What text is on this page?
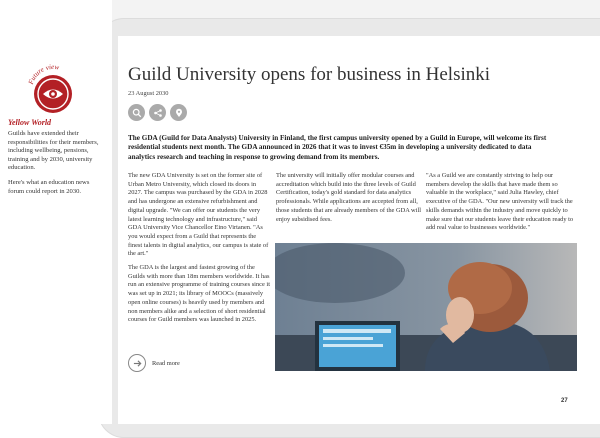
Future view
Yellow World

Guilds have extended their responsibilities for their members, including wellbeing, pensions, training and by 2030, university education.

Here's what an education news forum could report in 2030.

Guild University opens for business in Helsinki
23 August 2030
The GDA (Guild for Data Analysts) University in Finland, the first campus university opened by a Guild in Europe, will welcome its first residential students next month. The GDA announced in 2026 that it was to invest €35m in developing a university dedicated to data analytics research and teaching in response to growing demand from its members.

The new GDA University is set on the former site of Urban Metro University, which closed its doors in 2027. The campus was purchased by the GDA in 2028 and has undergone an extensive refurbishment and digital upgrade. "We can offer our students the very latest learning technology and infrastructure," said GDA University Vice Chancellor Eino Virtanen. "As you would expect from a Guild that represents the finest talents in digital analytics, our campus is state of the art."

The GDA is the largest and fastest growing of the Guilds with more than 18m members worldwide. It has run an extensive programme of training courses since it was set up in 2021; its library of MOOCs (massively open online courses) is heavily used by members and non members alike and a selection of short residential courses for Guild members was launched in 2025.

The university will initially offer modular courses and accreditation which build into the three levels of Guild Certification, today's gold standard for data analytics professionals. While applications are accepted from all, those students that are already members of the GDA will enjoy subsidised fees.

"As a Guild we are constantly striving to help our members develop the skills that have made them so valuable in the workplace," said Julia Hawley, chief executive of the GDA. "Our new university will track the skills demands within the industry and move quickly to make sure that our students leave their education ready to add real value to businesses worldwide."

Read more
27
